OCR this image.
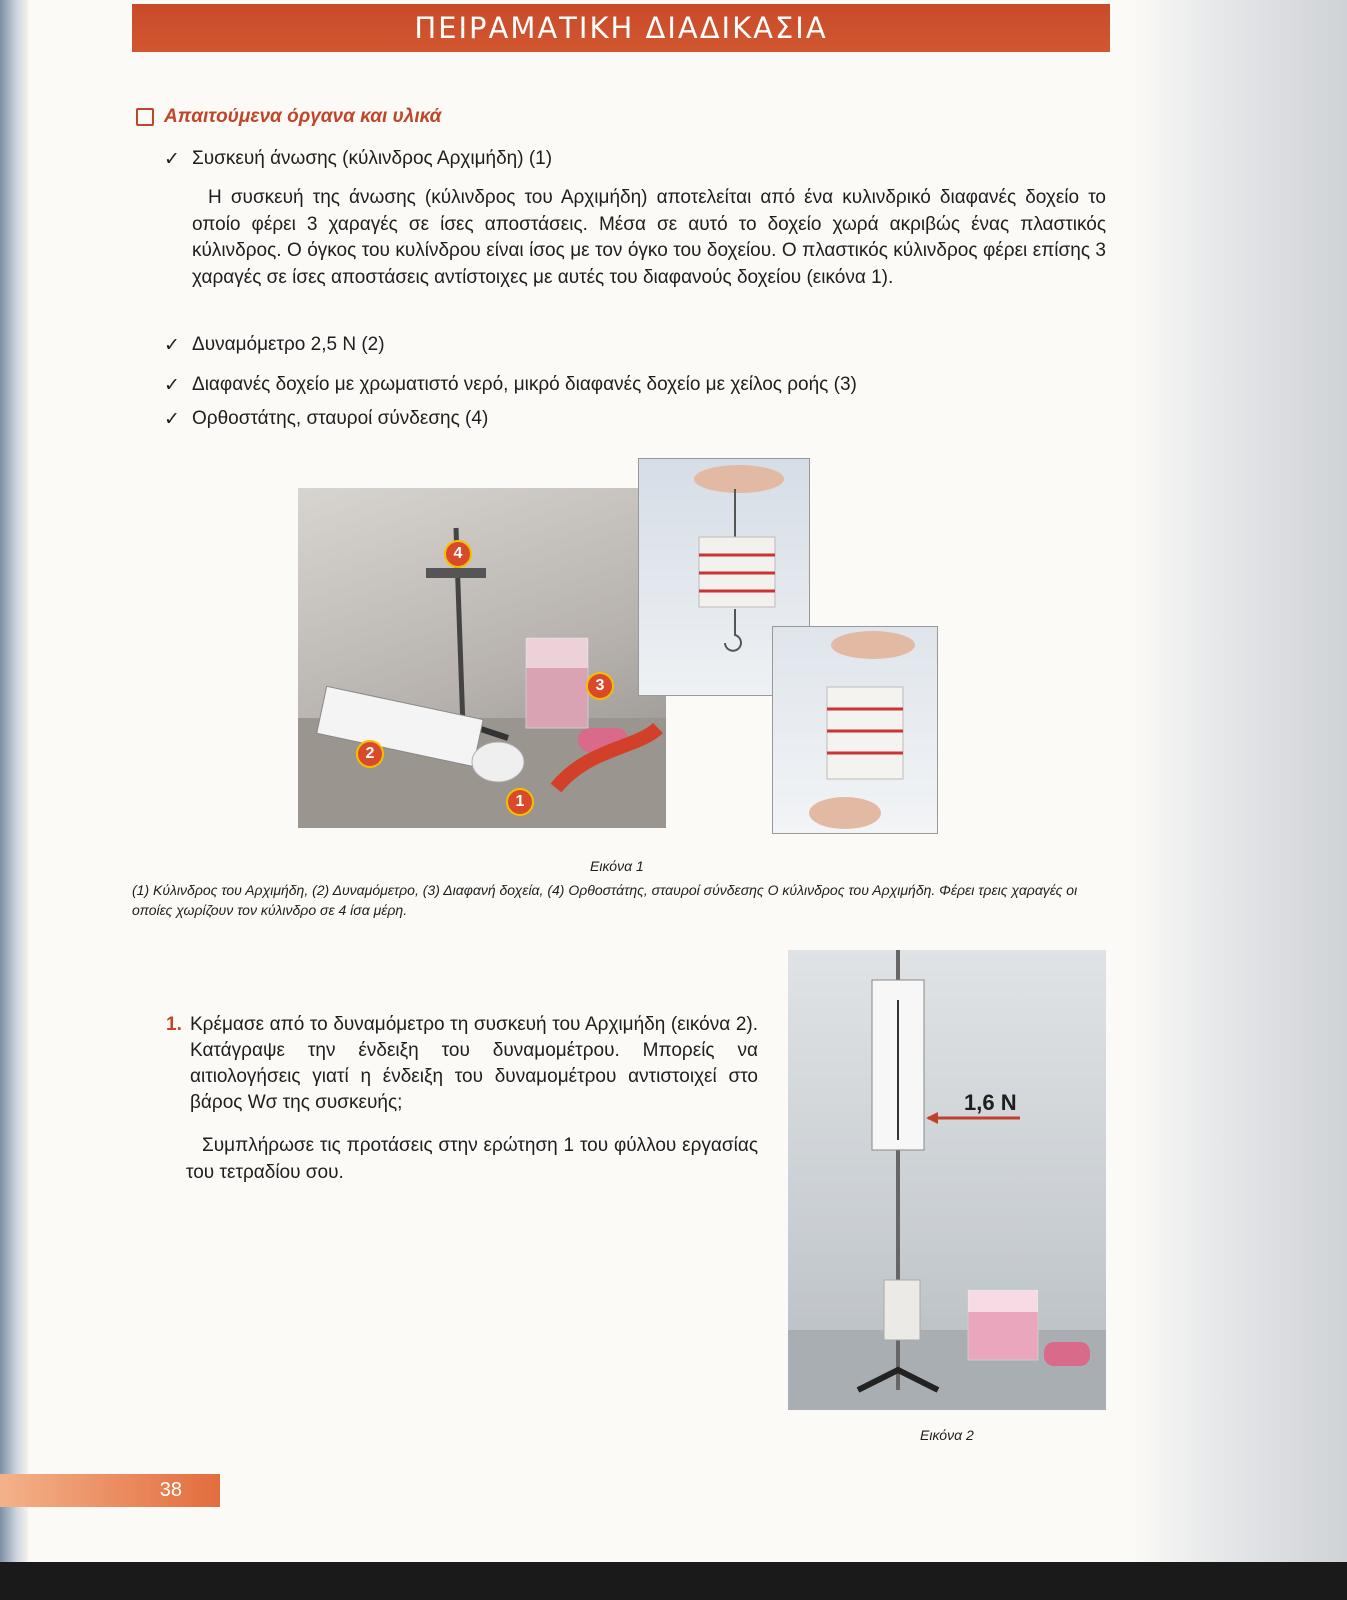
ΠΕΙΡΑΜΑΤΙΚΗ ΔΙΑΔΙΚΑΣΙΑ
Απαιτούμενα όργανα και υλικά
✓ Συσκευή άνωσης (κύλινδρος Αρχιμήδη) (1)

Η συσκευή της άνωσης (κύλινδρος του Αρχιμήδη) αποτελείται από ένα κυλινδρικό διαφανές δοχείο το οποίο φέρει 3 χαραγές σε ίσες αποστάσεις. Μέσα σε αυτό το δοχείο χωρά ακριβώς ένας πλαστικός κύλινδρος. Ο όγκος του κυλίνδρου είναι ίσος με τον όγκο του δοχείου. Ο πλαστικός κύλινδρος φέρει επίσης 3 χαραγές σε ίσες αποστάσεις αντίστοιχες με αυτές του διαφανούς δοχείου (εικόνα 1).

✓ Δυναμόμετρο 2,5 Ν (2)
✓ Διαφανές δοχείο με χρωματιστό νερό, μικρό διαφανές δοχείο με χείλος ροής (3)
✓ Ορθοστάτης, σταυροί σύνδεσης (4)
4
3
2
1
Εικόνα 1
(1) Κύλινδρος του Αρχιμήδη, (2) Δυναμόμετρο, (3) Διαφανή δοχεία, (4) Ορθοστάτης, σταυροί σύνδεσης Ο κύλινδρος του Αρχιμήδη. Φέρει τρεις χαραγές οι οποίες χωρίζουν τον κύλινδρο σε 4 ίσα μέρη.
1. Κρέμασε από το δυναμόμετρο τη συσκευή του Αρχιμήδη (εικόνα 2). Κατάγραψε την ένδειξη του δυναμομέτρου. Μπορείς να αιτιολογήσεις γιατί η ένδειξη του δυναμομέτρου αντιστοιχεί στο βάρος Wσ της συσκευής;

Συμπλήρωσε τις προτάσεις στην ερώτηση 1 του φύλλου εργασίας του τετραδίου σου.

1,6 Ν
Εικόνα 2
38
